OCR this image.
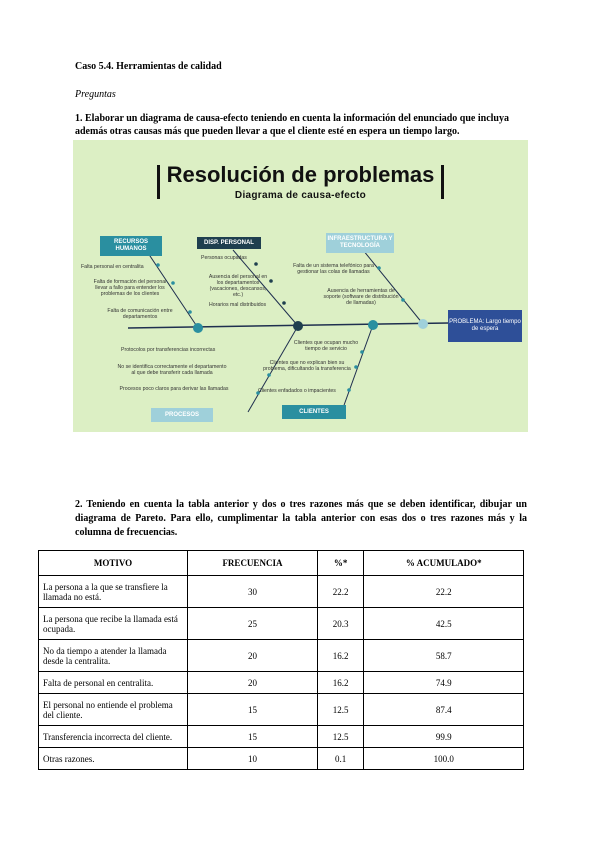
Caso 5.4. Herramientas de calidad
Preguntas
1. Elaborar un diagrama de causa-efecto teniendo en cuenta la información del enunciado que incluya además otras causas más que pueden llevar a que el cliente esté en espera un tiempo largo.
Resolución de problemas
Diagrama de causa-efecto
RECURSOS HUMANOS
DISP. PERSONAL
INFRAESTRUCTURA Y TECNOLOGÍA
PROCESOS	CLIENTES
PROBLEMA: Largo tiempo de espera
Falta personal en centralita
Falta de formación del personal llevar a fallo para entender los problemas de los clientes
Falta de comunicación entre departamentos
Personas ocupadas
Ausencia del personal en los departamentos (vacaciones, descansos, etc.)
Horarios mal distribuidos
Falta de un sistema telefónico para gestionar las colas de llamadas
Ausencia de herramientas de soporte (software de distribución de llamadas)
Protocolos por transferencias incorrectas
No se identifica correctamente el departamento al que debe transferir cada llamada
Procesos poco claros para derivar las llamadas
Clientes que ocupan mucho tiempo de servicio
Clientes que no explican bien su problema, dificultando la transferencia
Clientes enfadados o impacientes
2. Teniendo en cuenta la tabla anterior y dos o tres razones más que se deben identificar, dibujar un diagrama de Pareto. Para ello, cumplimentar la tabla anterior con esas dos o tres razones más y la columna de frecuencias.
MOTIVO	FRECUENCIA	%*	% ACUMULADO*
La persona a la que se transfiere la llamada no está.	30	22.2	22.2
La persona que recibe la llamada está ocupada.	25	20.3	42.5
No da tiempo a atender la llamada desde la centralita.	20	16.2	58.7
Falta de personal en centralita.	20	16.2	74.9
El personal no entiende el problema del cliente.	15	12.5	87.4
Transferencia incorrecta del cliente.	15	12.5	99.9
Otras razones.	10	0.1	100.0
